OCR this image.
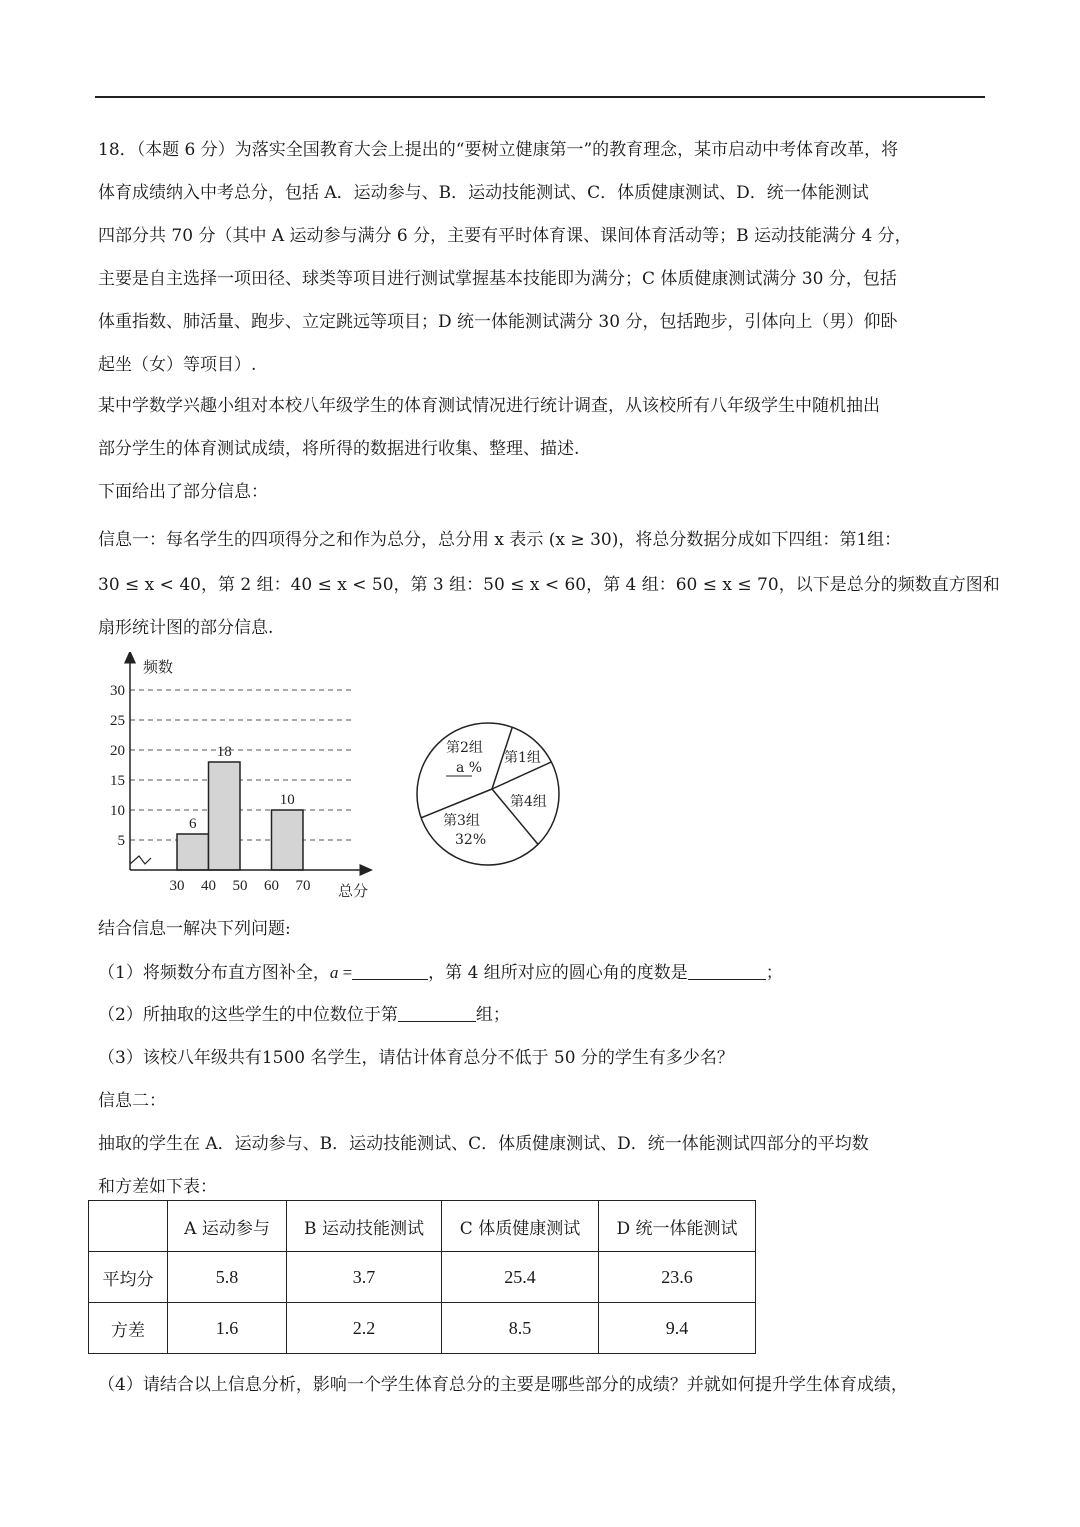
18．（本题 6 分）为落实全国教育大会上提出的“要树立健康第一”的教育理念，某市启动中考体育改革，将
体育成绩纳入中考总分，包括 A．运动参与、B．运动技能测试、C．体质健康测试、D．统一体能测试
四部分共 70 分（其中 A 运动参与满分 6 分，主要有平时体育课、课间体育活动等；B 运动技能满分 4 分，
主要是自主选择一项田径、球类等项目进行测试掌握基本技能即为满分；C 体质健康测试满分 30 分，包括
体重指数、肺活量、跑步、立定跳远等项目；D 统一体能测试满分 30 分，包括跑步，引体向上（男）仰卧
起坐（女）等项目）.
某中学数学兴趣小组对本校八年级学生的体育测试情况进行统计调查，从该校所有八年级学生中随机抽出
部分学生的体育测试成绩，将所得的数据进行收集、整理、描述.
下面给出了部分信息：
信息一：每名学生的四项得分之和作为总分，总分用 x 表示 (x ≥ 30)，将总分数据分成如下四组：第1组：
30 ≤ x < 40，第 2 组：40 ≤ x < 50，第 3 组：50 ≤ x < 60，第 4 组：60 ≤ x ≤ 70，以下是总分的频数直方图和
扇形统计图的部分信息.
6
18
10
5
10
15
20
25
30
30 40 50 60 70
频数
总分
第2组
a %
第1组
第4组
第3组
32%
结合信息一解决下列问题:
（1）将频数分布直方图补全，a =	，第 4 组所对应的圆心角的度数是	；
（2）所抽取的这些学生的中位数位于第	组；
（3）该校八年级共有1500 名学生，请估计体育总分不低于 50 分的学生有多少名？
信息二：
抽取的学生在 A．运动参与、B．运动技能测试、C．体质健康测试、D．统一体能测试四部分的平均数
和方差如下表：
	A 运动参与	B 运动技能测试	C 体质健康测试	D 统一体能测试
平均分	5.8	3.7	25.4	23.6
方差	1.6	2.2	8.5	9.4
（4）请结合以上信息分析，影响一个学生体育总分的主要是哪些部分的成绩？并就如何提升学生体育成绩，
